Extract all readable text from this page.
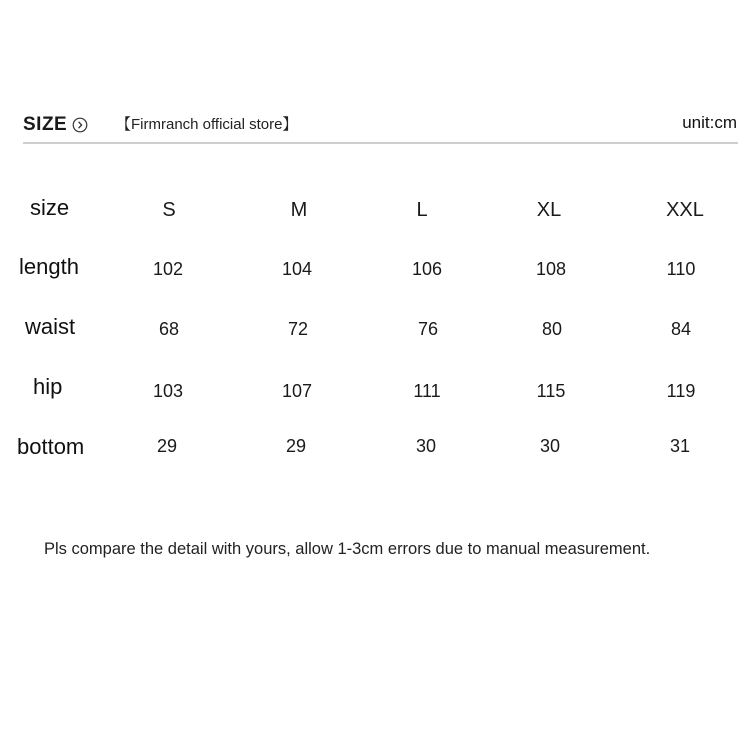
SIZE	【Firmranch official store】	unit:cm
size	S	M	L	XL	XXL
length	102	104	106	108	110
waist	68	72	76	80	84
hip	103	107	111	115	119
bottom	29	29	30	30	31
Pls compare the detail with yours, allow 1-3cm errors due to manual measurement.
